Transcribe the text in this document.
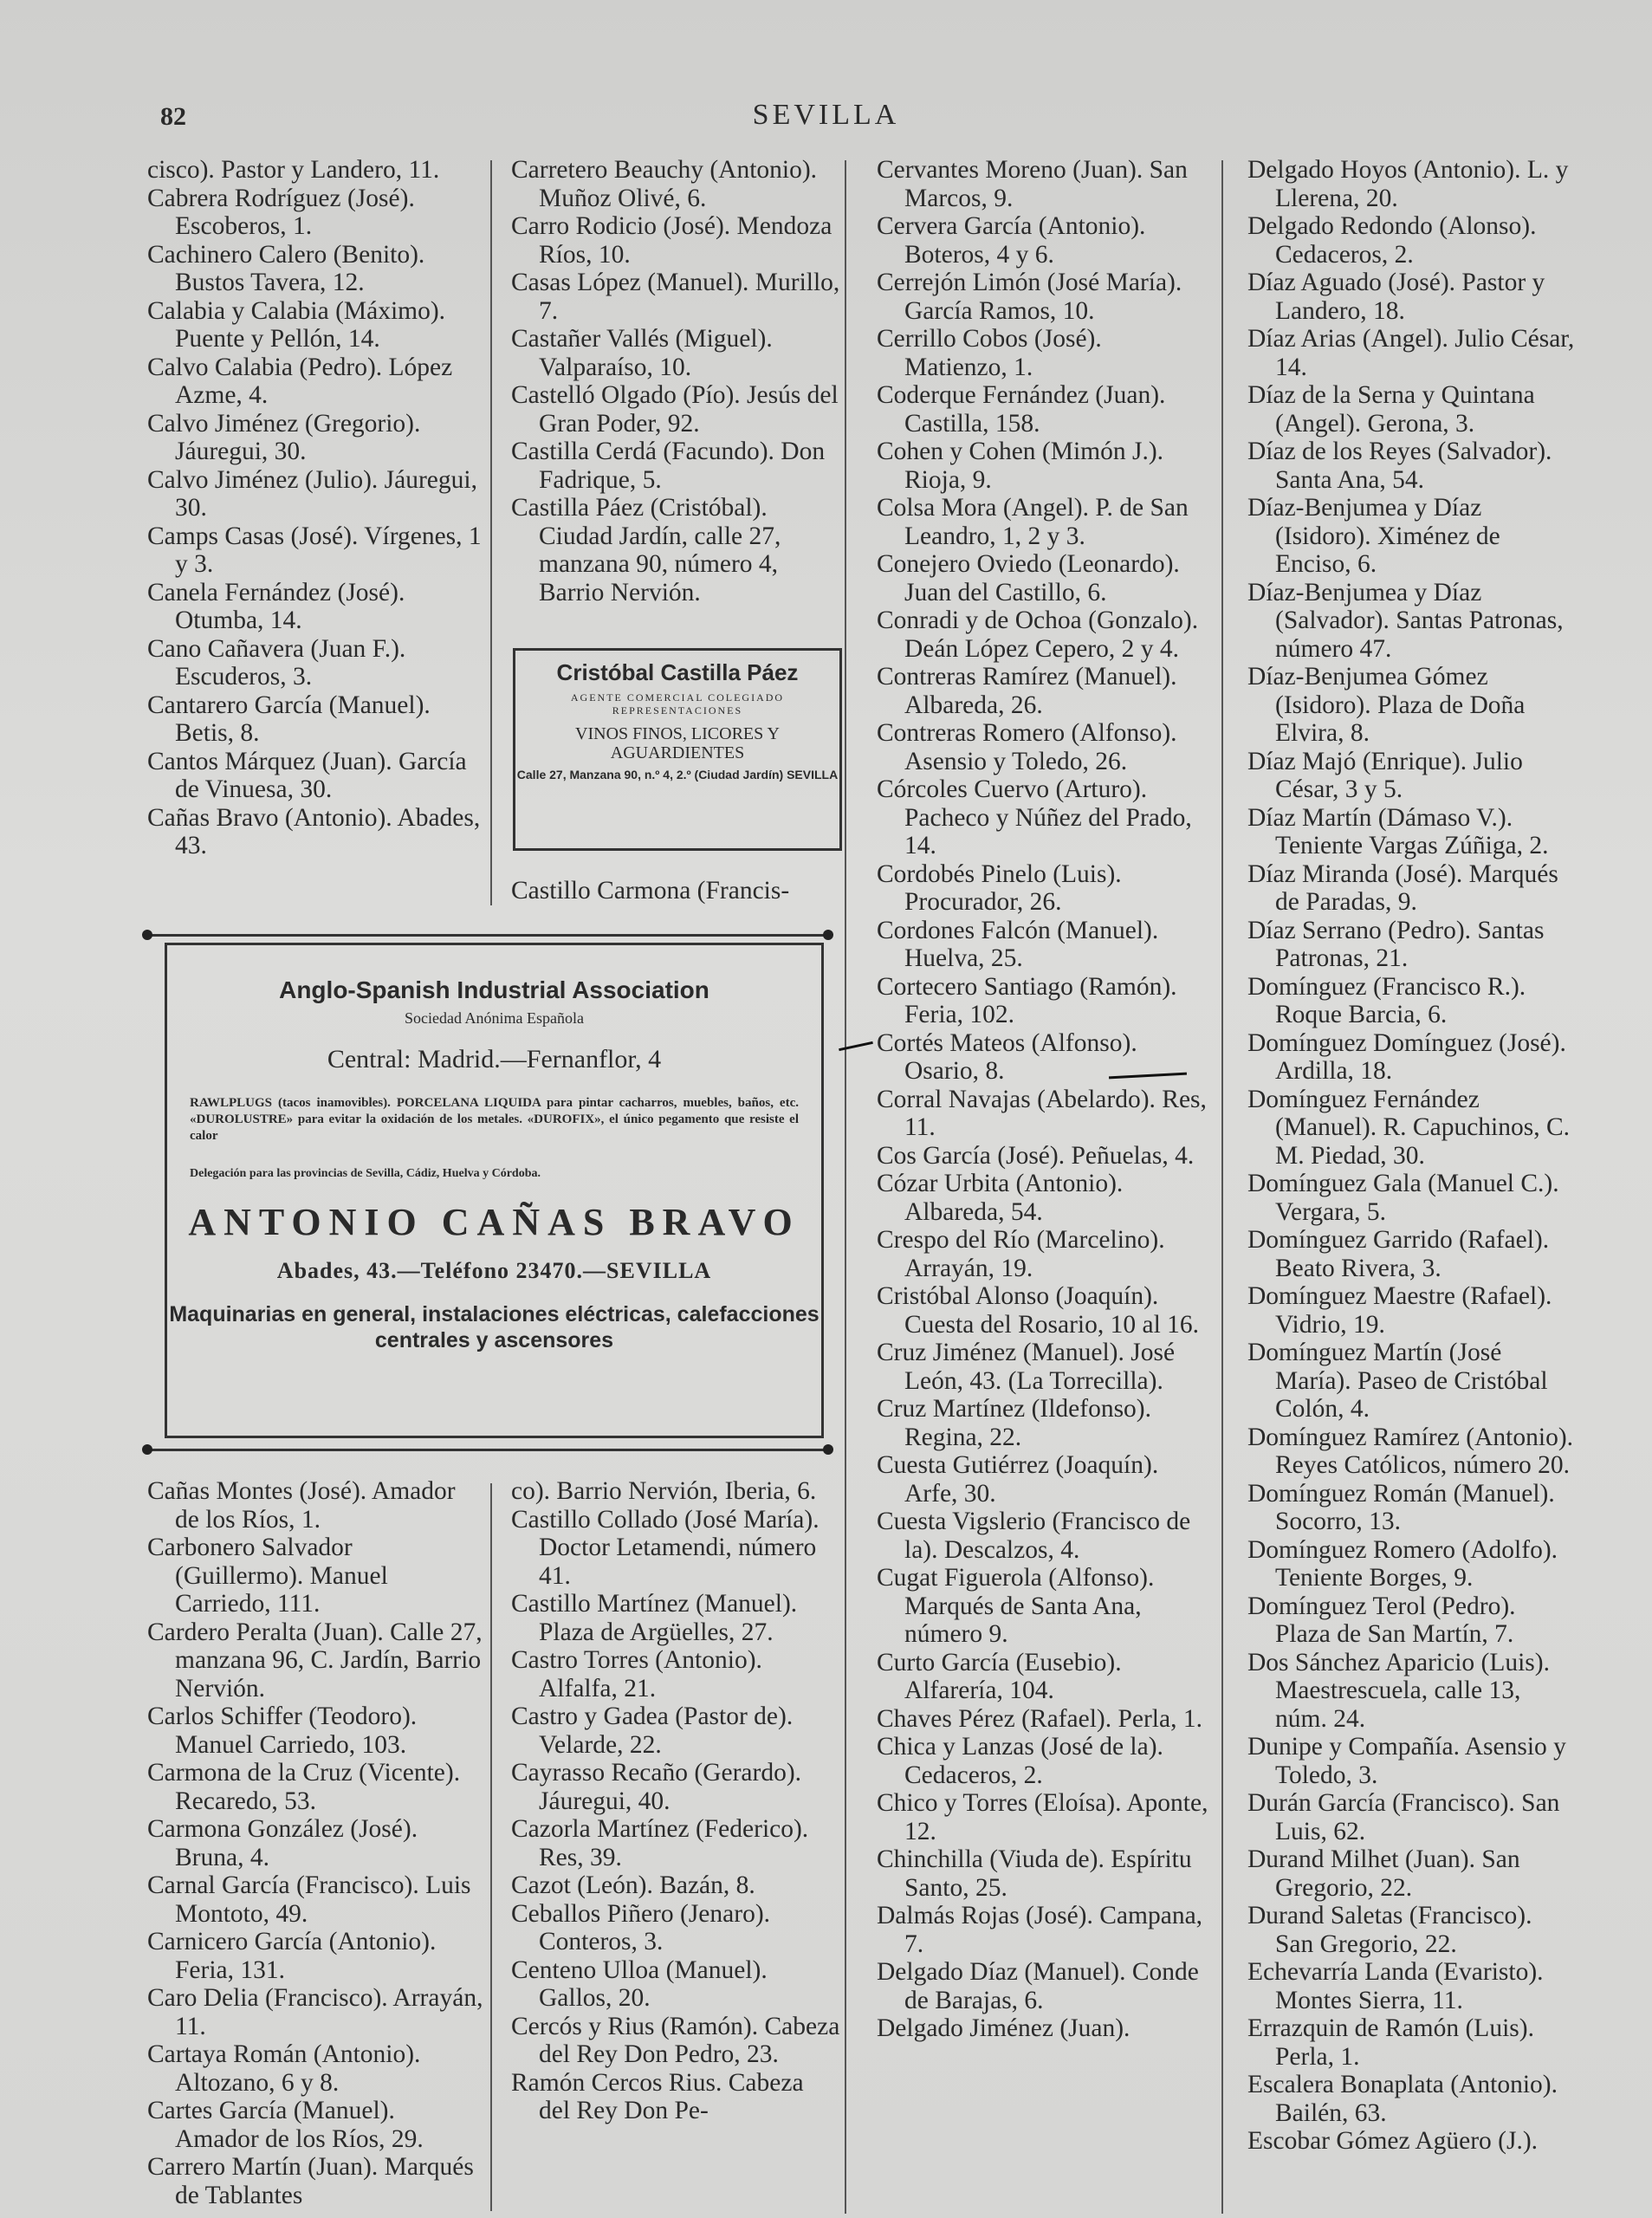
82	SEVILLA

cisco). Pastor y Landero, 11.

Cabrera Rodríguez (José). Escoberos, 1.

Cachinero Calero (Benito). Bustos Tavera, 12.

Calabia y Calabia (Máximo). Puente y Pellón, 14.

Calvo Calabia (Pedro). López Azme, 4.

Calvo Jiménez (Gregorio). Jáuregui, 30.

Calvo Jiménez (Julio). Jáuregui, 30.

Camps Casas (José). Vírgenes, 1 y 3.

Canela Fernández (José). Otumba, 14.

Cano Cañavera (Juan F.). Escuderos, 3.

Cantarero García (Manuel). Betis, 8.

Cantos Márquez (Juan). García de Vinuesa, 30.

Cañas Bravo (Antonio). Abades, 43.

Carretero Beauchy (Antonio). Muñoz Olivé, 6.

Carro Rodicio (José). Mendoza Ríos, 10.

Casas López (Manuel). Murillo, 7.

Castañer Vallés (Miguel). Valparaíso, 10.

Castelló Olgado (Pío). Jesús del Gran Poder, 92.

Castilla Cerdá (Facundo). Don Fadrique, 5.

Castilla Páez (Cristóbal). Ciudad Jardín, calle 27, manzana 90, número 4, Barrio Nervión.

Cristóbal Castilla Páez
AGENTE COMERCIAL COLEGIADO
REPRESENTACIONES
VINOS FINOS, LICORES Y AGUARDIENTES
Calle 27, Manzana 90, n.º 4, 2.º (Ciudad Jardín) SEVILLA

Castillo Carmona (Francis-

Anglo-Spanish Industrial Association
Sociedad Anónima Española
Central: Madrid.—Fernanflor, 4
RAWLPLUGS (tacos inamovibles). PORCELANA LIQUIDA para pintar cacharros, muebles, baños, etc. «DUROLUSTRE» para evitar la oxidación de los metales. «DUROFIX», el único pegamento que resiste el calor
Delegación para las provincias de Sevilla, Cádiz, Huelva y Córdoba.
ANTONIO CAÑAS BRAVO
Abades, 43.—Teléfono 23470.—SEVILLA
Maquinarias en general, instalaciones eléctricas, calefacciones centrales y ascensores

Cañas Montes (José). Amador de los Ríos, 1.

Carbonero Salvador (Guillermo). Manuel Carriedo, 111.

Cardero Peralta (Juan). Calle 27, manzana 96, C. Jardín, Barrio Nervión.

Carlos Schiffer (Teodoro). Manuel Carriedo, 103.

Carmona de la Cruz (Vicente). Recaredo, 53.

Carmona González (José). Bruna, 4.

Carnal García (Francisco). Luis Montoto, 49.

Carnicero García (Antonio). Feria, 131.

Caro Delia (Francisco). Arrayán, 11.

Cartaya Román (Antonio). Altozano, 6 y 8.

Cartes García (Manuel). Amador de los Ríos, 29.

Carrero Martín (Juan). Marqués de Tablantes

co). Barrio Nervión, Iberia, 6.

Castillo Collado (José María). Doctor Letamendi, número 41.

Castillo Martínez (Manuel). Plaza de Argüelles, 27.

Castro Torres (Antonio). Alfalfa, 21.

Castro y Gadea (Pastor de). Velarde, 22.

Cayrasso Recaño (Gerardo). Jáuregui, 40.

Cazorla Martínez (Federico). Res, 39.

Cazot (León). Bazán, 8.

Ceballos Piñero (Jenaro). Conteros, 3.

Centeno Ulloa (Manuel). Gallos, 20.

Cercós y Rius (Ramón). Cabeza del Rey Don Pedro, 23.

Ramón Cercos Rius. Cabeza del Rey Don Pe-

Cervantes Moreno (Juan). San Marcos, 9.

Cervera García (Antonio). Boteros, 4 y 6.

Cerrejón Limón (José María). García Ramos, 10.

Cerrillo Cobos (José). Matienzo, 1.

Coderque Fernández (Juan). Castilla, 158.

Cohen y Cohen (Mimón J.). Rioja, 9.

Colsa Mora (Angel). P. de San Leandro, 1, 2 y 3.

Conejero Oviedo (Leonardo). Juan del Castillo, 6.

Conradi y de Ochoa (Gonzalo). Deán López Cepero, 2 y 4.

Contreras Ramírez (Manuel). Albareda, 26.

Contreras Romero (Alfonso). Asensio y Toledo, 26.

Córcoles Cuervo (Arturo). Pacheco y Núñez del Prado, 14.

Cordobés Pinelo (Luis). Procurador, 26.

Cordones Falcón (Manuel). Huelva, 25.

Cortecero Santiago (Ramón). Feria, 102.

Cortés Mateos (Alfonso). Osario, 8.

Corral Navajas (Abelardo). Res, 11.

Cos García (José). Peñuelas, 4.

Cózar Urbita (Antonio). Albareda, 54.

Crespo del Río (Marcelino). Arrayán, 19.

Cristóbal Alonso (Joaquín). Cuesta del Rosario, 10 al 16.

Cruz Jiménez (Manuel). José León, 43. (La Torrecilla).

Cruz Martínez (Ildefonso). Regina, 22.

Cuesta Gutiérrez (Joaquín). Arfe, 30.

Cuesta Vigslerio (Francisco de la). Descalzos, 4.

Cugat Figuerola (Alfonso). Marqués de Santa Ana, número 9.

Curto García (Eusebio). Alfarería, 104.

Chaves Pérez (Rafael). Perla, 1.

Chica y Lanzas (José de la). Cedaceros, 2.

Chico y Torres (Eloísa). Aponte, 12.

Chinchilla (Viuda de). Espíritu Santo, 25.

Dalmás Rojas (José). Campana, 7.

Delgado Díaz (Manuel). Conde de Barajas, 6.

Delgado Jiménez (Juan).

Delgado Hoyos (Antonio). L. y Llerena, 20.

Delgado Redondo (Alonso). Cedaceros, 2.

Díaz Aguado (José). Pastor y Landero, 18.

Díaz Arias (Angel). Julio César, 14.

Díaz de la Serna y Quintana (Angel). Gerona, 3.

Díaz de los Reyes (Salvador). Santa Ana, 54.

Díaz-Benjumea y Díaz (Isidoro). Ximénez de Enciso, 6.

Díaz-Benjumea y Díaz (Salvador). Santas Patronas, número 47.

Díaz-Benjumea Gómez (Isidoro). Plaza de Doña Elvira, 8.

Díaz Majó (Enrique). Julio César, 3 y 5.

Díaz Martín (Dámaso V.). Teniente Vargas Zúñiga, 2.

Díaz Miranda (José). Marqués de Paradas, 9.

Díaz Serrano (Pedro). Santas Patronas, 21.

Domínguez (Francisco R.). Roque Barcia, 6.

Domínguez Domínguez (José). Ardilla, 18.

Domínguez Fernández (Manuel). R. Capuchinos, C. M. Piedad, 30.

Domínguez Gala (Manuel C.). Vergara, 5.

Domínguez Garrido (Rafael). Beato Rivera, 3.

Domínguez Maestre (Rafael). Vidrio, 19.

Domínguez Martín (José María). Paseo de Cristóbal Colón, 4.

Domínguez Ramírez (Antonio). Reyes Católicos, número 20.

Domínguez Román (Manuel). Socorro, 13.

Domínguez Romero (Adolfo). Teniente Borges, 9.

Domínguez Terol (Pedro). Plaza de San Martín, 7.

Dos Sánchez Aparicio (Luis). Maestrescuela, calle 13, núm. 24.

Dunipe y Compañía. Asensio y Toledo, 3.

Durán García (Francisco). San Luis, 62.

Durand Milhet (Juan). San Gregorio, 22.

Durand Saletas (Francisco). San Gregorio, 22.

Echevarría Landa (Evaristo). Montes Sierra, 11.

Errazquin de Ramón (Luis). Perla, 1.

Escalera Bonaplata (Antonio). Bailén, 63.

Escobar Gómez Agüero (J.).
